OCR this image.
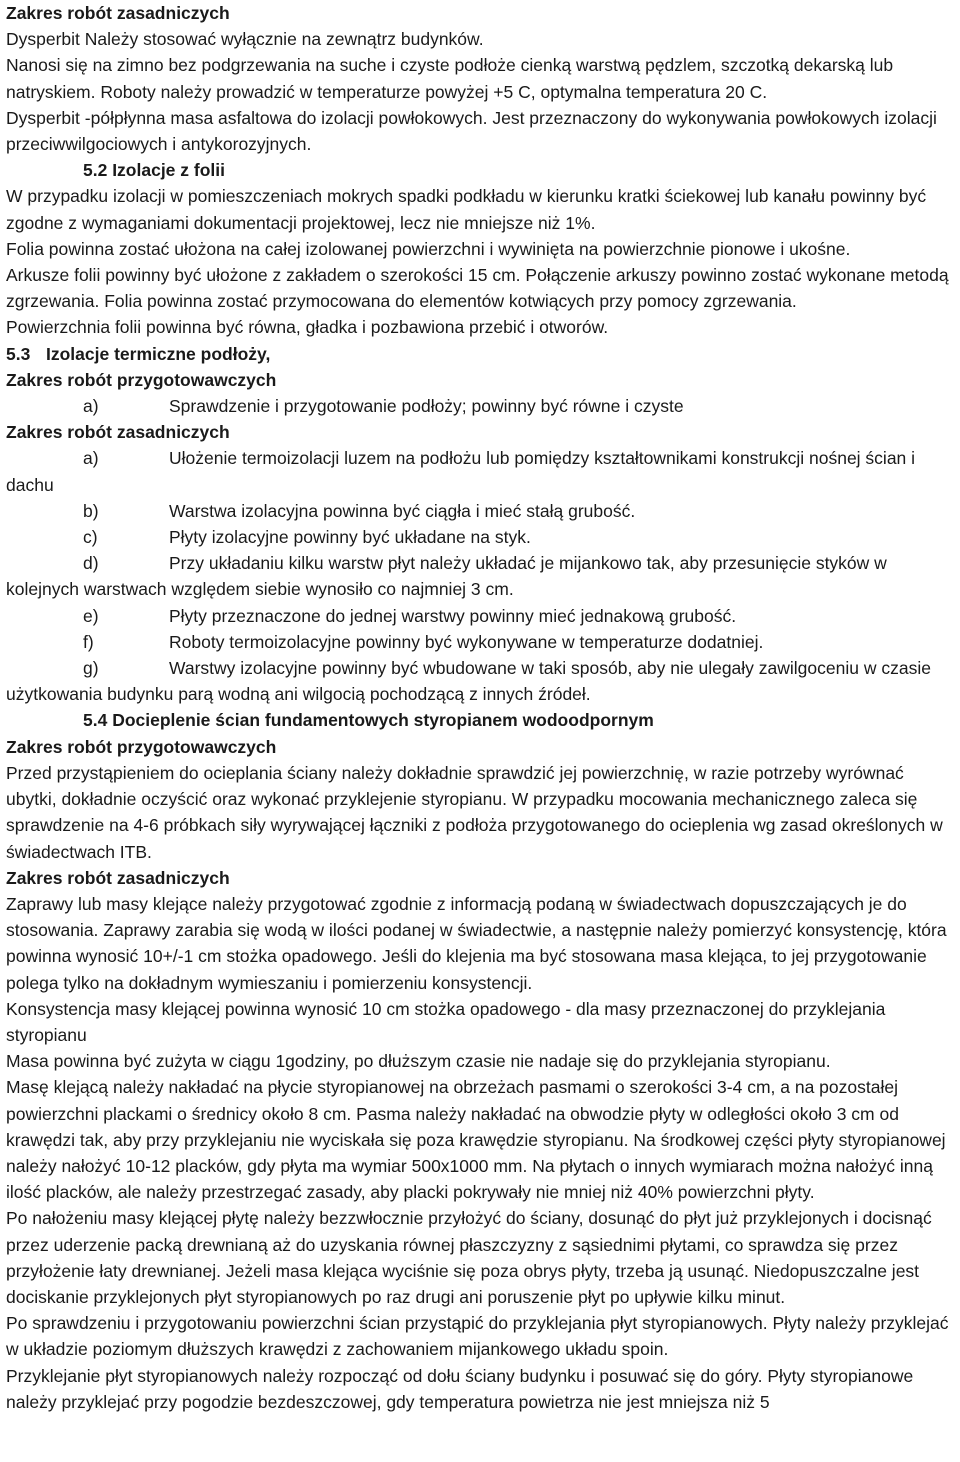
Zakres robót zasadniczych

Dysperbit Należy stosować wyłącznie na zewnątrz budynków.

Nanosi się na zimno bez podgrzewania na suche i czyste podłoże cienką warstwą pędzlem, szczotką dekarską lub natryskiem. Roboty należy prowadzić w temperaturze powyżej +5 C, optymalna temperatura 20 C.

Dysperbit -półpłynna masa asfaltowa do izolacji powłokowych. Jest przeznaczony do wykonywania powłokowych izolacji przeciwwilgociowych i antykorozyjnych.

5.2 Izolacje z folii

W przypadku izolacji w pomieszczeniach mokrych spadki podkładu w kierunku kratki ściekowej lub kanału powinny być zgodne z wymaganiami dokumentacji projektowej, lecz nie mniejsze niż 1%.

Folia powinna zostać ułożona na całej izolowanej powierzchni i wywinięta na powierzchnie pionowe i ukośne.

Arkusze folii powinny być ułożone z zakładem o szerokości 15 cm. Połączenie arkuszy powinno zostać wykonane metodą zgrzewania. Folia powinna zostać przymocowana do elementów kotwiących przy pomocy zgrzewania.

Powierzchnia folii powinna być równa, gładka i pozbawiona przebić i otworów.

5.3 Izolacje termiczne podłoży,

Zakres robót przygotowawczych

a)	Sprawdzenie i przygotowanie podłoży; powinny być równe i czyste

Zakres robót zasadniczych

a)	Ułożenie termoizolacji luzem na podłożu lub pomiędzy kształtownikami konstrukcji nośnej ścian i dachu
b)	Warstwa izolacyjna powinna być ciągła i mieć stałą grubość.
c)	Płyty izolacyjne powinny być układane na styk.
d)	Przy układaniu kilku warstw płyt należy układać je mijankowo tak, aby przesunięcie styków w kolejnych warstwach względem siebie wynosiło co najmniej 3 cm.
e)	Płyty przeznaczone do jednej warstwy powinny mieć jednakową grubość.
f)	Roboty termoizolacyjne powinny być wykonywane w temperaturze dodatniej.
g)	Warstwy izolacyjne powinny być wbudowane w taki sposób, aby nie ulegały zawilgoceniu w czasie użytkowania budynku parą wodną ani wilgocią pochodzącą z innych źródeł.

5.4 Docieplenie ścian fundamentowych styropianem wodoodpornym

Zakres robót przygotowawczych

Przed przystąpieniem do ocieplania ściany należy dokładnie sprawdzić jej powierzchnię, w razie potrzeby wyrównać ubytki, dokładnie oczyścić oraz wykonać przyklejenie styropianu. W przypadku mocowania mechanicznego zaleca się sprawdzenie na 4-6 próbkach siły wyrywającej łączniki z podłoża przygotowanego do ocieplenia wg zasad określonych w świadectwach ITB.

Zakres robót zasadniczych

Zaprawy lub masy klejące należy przygotować zgodnie z informacją podaną w świadectwach dopuszczających je do stosowania. Zaprawy zarabia się wodą w ilości podanej w świadectwie, a następnie należy pomierzyć konsystencję, która powinna wynosić 10+/-1 cm stożka opadowego. Jeśli do klejenia ma być stosowana masa klejąca, to jej przygotowanie polega tylko na dokładnym wymieszaniu i pomierzeniu konsystencji.

Konsystencja masy klejącej powinna wynosić 10 cm stożka opadowego - dla masy przeznaczonej do przyklejania styropianu

Masa powinna być zużyta w ciągu 1godziny, po dłuższym czasie nie nadaje się do przyklejania styropianu.

Masę klejącą należy nakładać na płycie styropianowej na obrzeżach pasmami o szerokości 3-4 cm, a na pozostałej powierzchni plackami o średnicy około 8 cm. Pasma należy nakładać na obwodzie płyty w odległości około 3 cm od krawędzi tak, aby przy przyklejaniu nie wyciskała się poza krawędzie styropianu. Na środkowej części płyty styropianowej należy nałożyć 10-12 placków, gdy płyta ma wymiar 500x1000 mm. Na płytach o innych wymiarach można nałożyć inną ilość placków, ale należy przestrzegać zasady, aby placki pokrywały nie mniej niż 40% powierzchni płyty.

Po nałożeniu masy klejącej płytę należy bezzwłocznie przyłożyć do ściany, dosunąć do płyt już przyklejonych i docisnąć przez uderzenie packą drewnianą aż do uzyskania równej płaszczyzny z sąsiednimi płytami, co sprawdza się przez przyłożenie łaty drewnianej. Jeżeli masa klejąca wyciśnie się poza obrys płyty, trzeba ją usunąć. Niedopuszczalne jest dociskanie przyklejonych płyt styropianowych po raz drugi ani poruszenie płyt po upływie kilku minut.

Po sprawdzeniu i przygotowaniu powierzchni ścian przystąpić do przyklejania płyt styropianowych. Płyty należy przyklejać w układzie poziomym dłuższych krawędzi z zachowaniem mijankowego układu spoin.

Przyklejanie płyt styropianowych należy rozpocząć od dołu ściany budynku i posuwać się do góry. Płyty styropianowe należy przyklejać przy pogodzie bezdeszczowej, gdy temperatura powietrza nie jest mniejsza niż 5
